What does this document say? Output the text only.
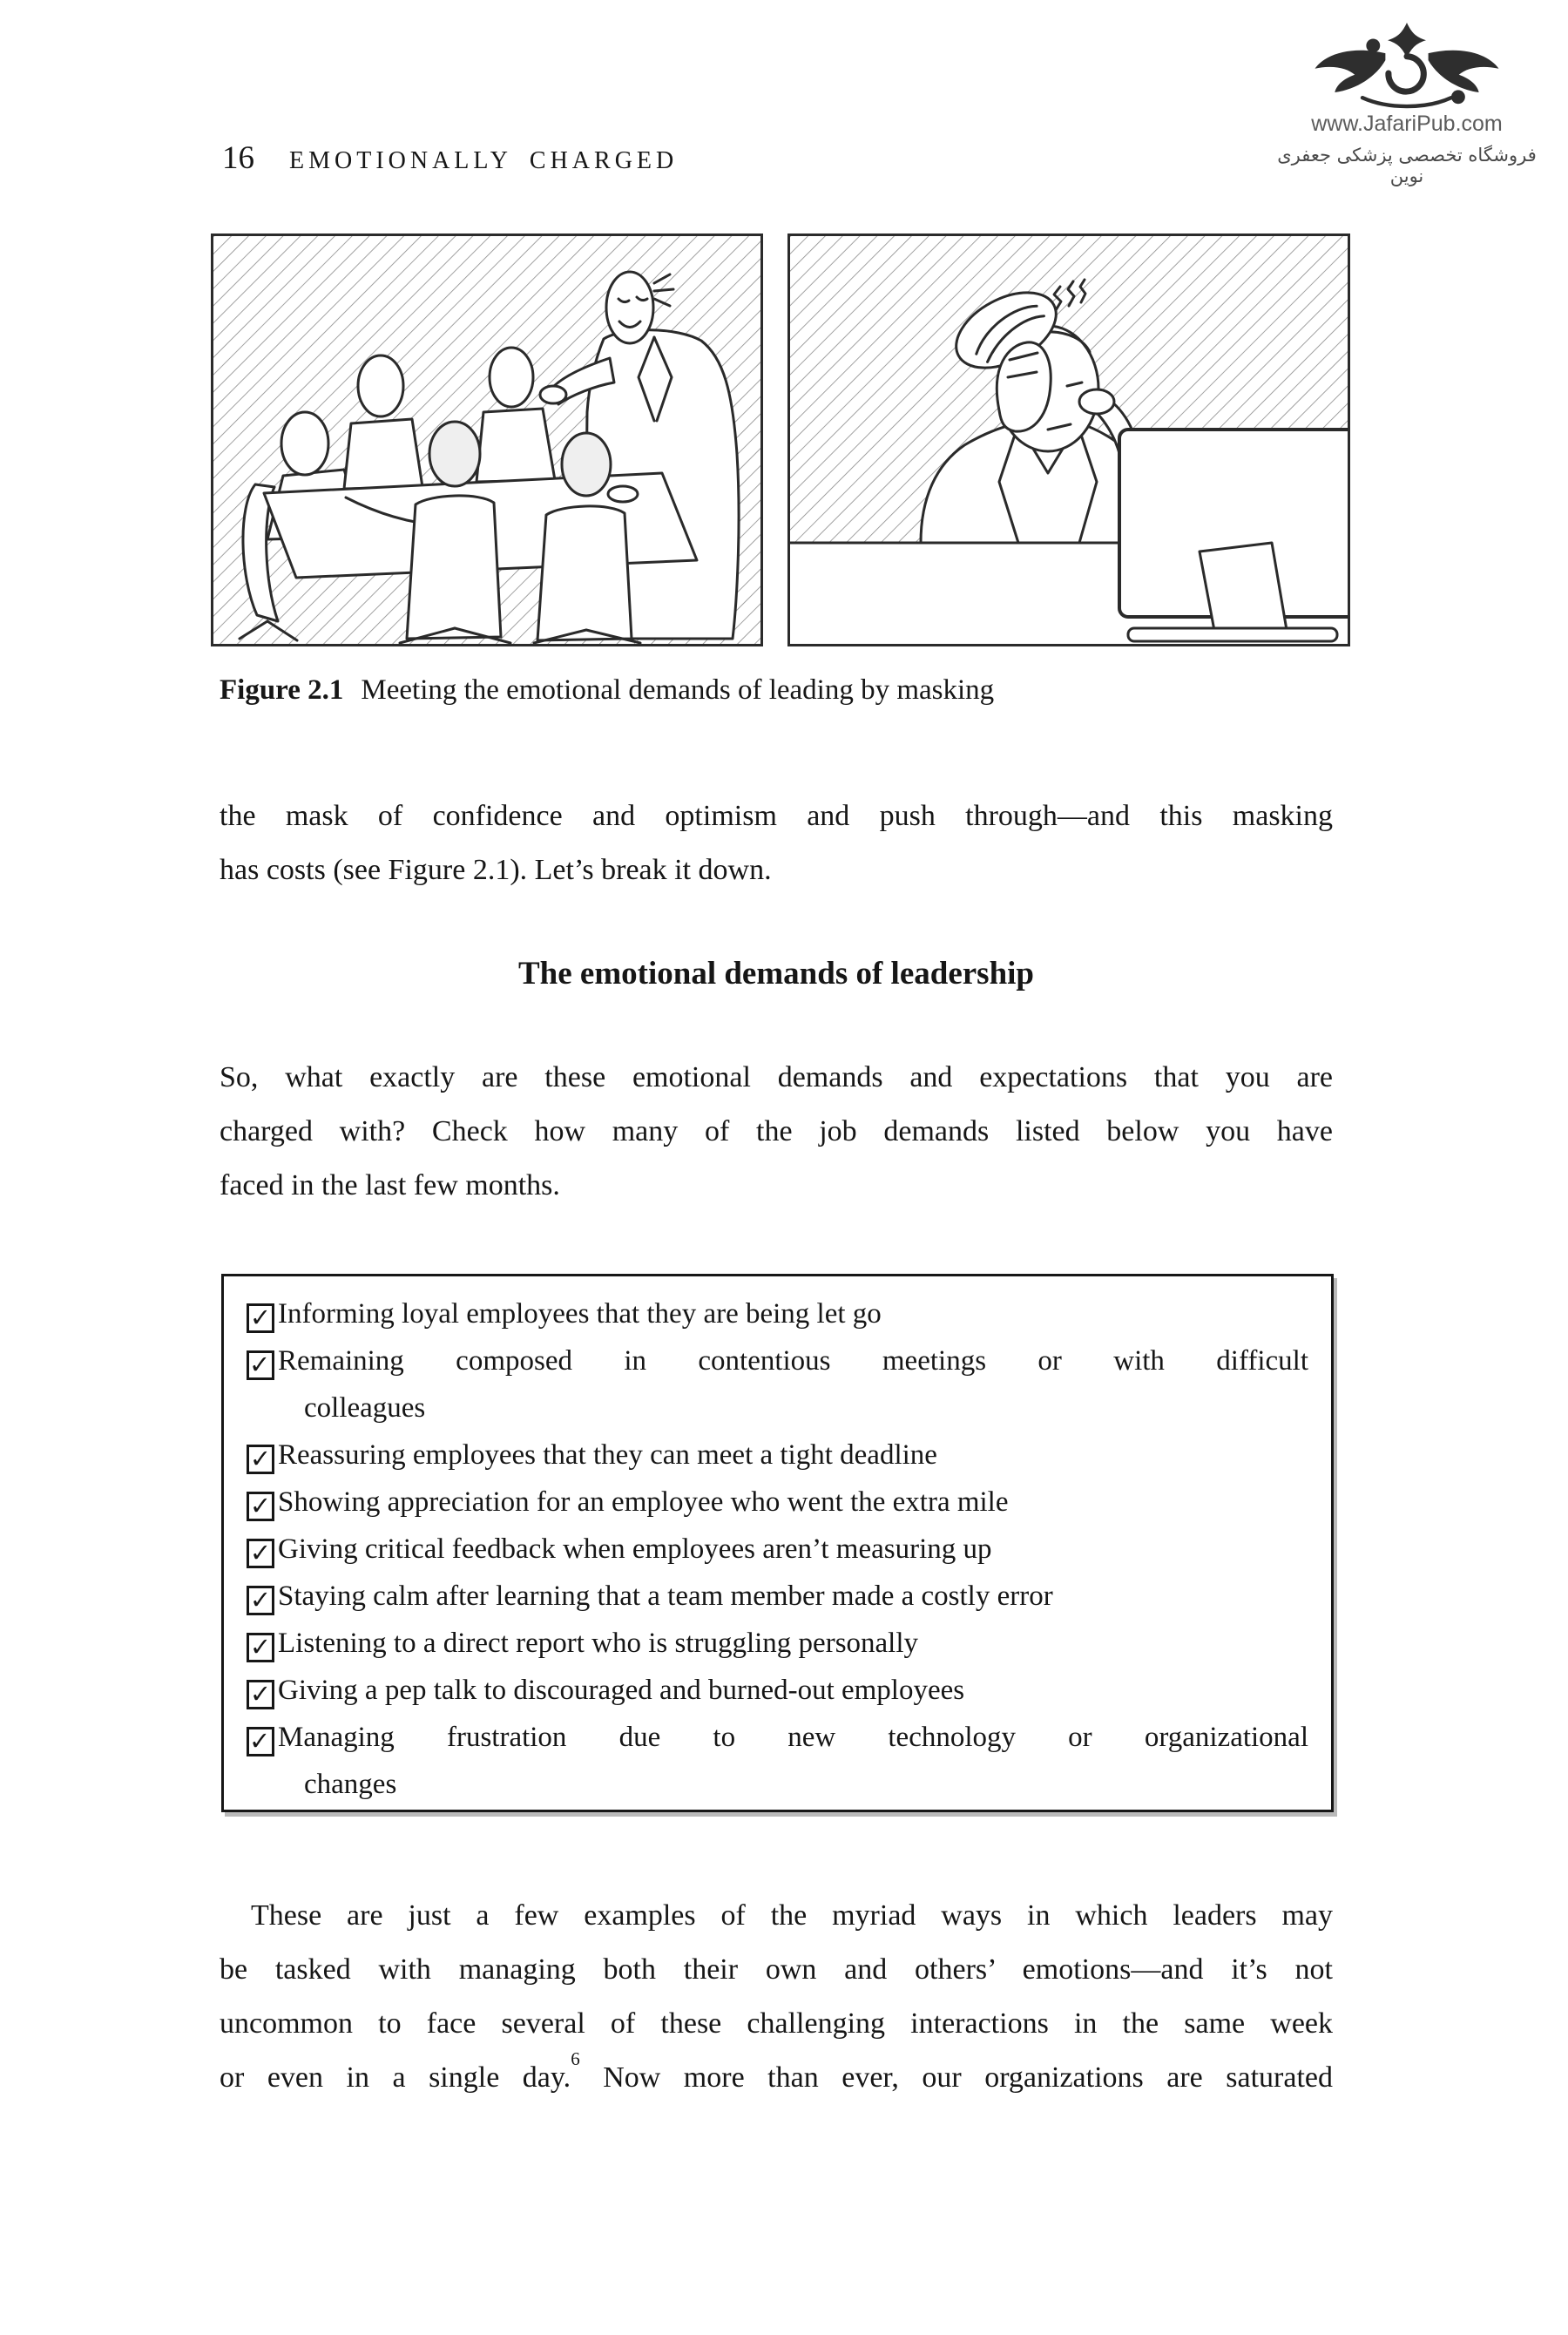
16 EMOTIONALLY CHARGED
www.JafariPub.com
فروشگاه تخصصی پزشکی جعفری نوین
Figure 2.1 Meeting the emotional demands of leading by masking
the mask of confidence and optimism and push through—and this masking
has costs (see Figure 2.1). Let’s break it down.
The emotional demands of leadership
So, what exactly are these emotional demands and expectations that you are
charged with? Check how many of the job demands listed below you have
faced in the last few months.
✓ Informing loyal employees that they are being let go
✓ Remaining composed in contentious meetings or with difficult
colleagues
✓ Reassuring employees that they can meet a tight deadline
✓ Showing appreciation for an employee who went the extra mile
✓ Giving critical feedback when employees aren’t measuring up
✓ Staying calm after learning that a team member made a costly error
✓ Listening to a direct report who is struggling personally
✓ Giving a pep talk to discouraged and burned-out employees
✓ Managing frustration due to new technology or organizational
changes
These are just a few examples of the myriad ways in which leaders may
be tasked with managing both their own and others’ emotions—and it’s not
uncommon to face several of these challenging interactions in the same week
or even in a single day.$^6$ Now more than ever, our organizations are saturated
